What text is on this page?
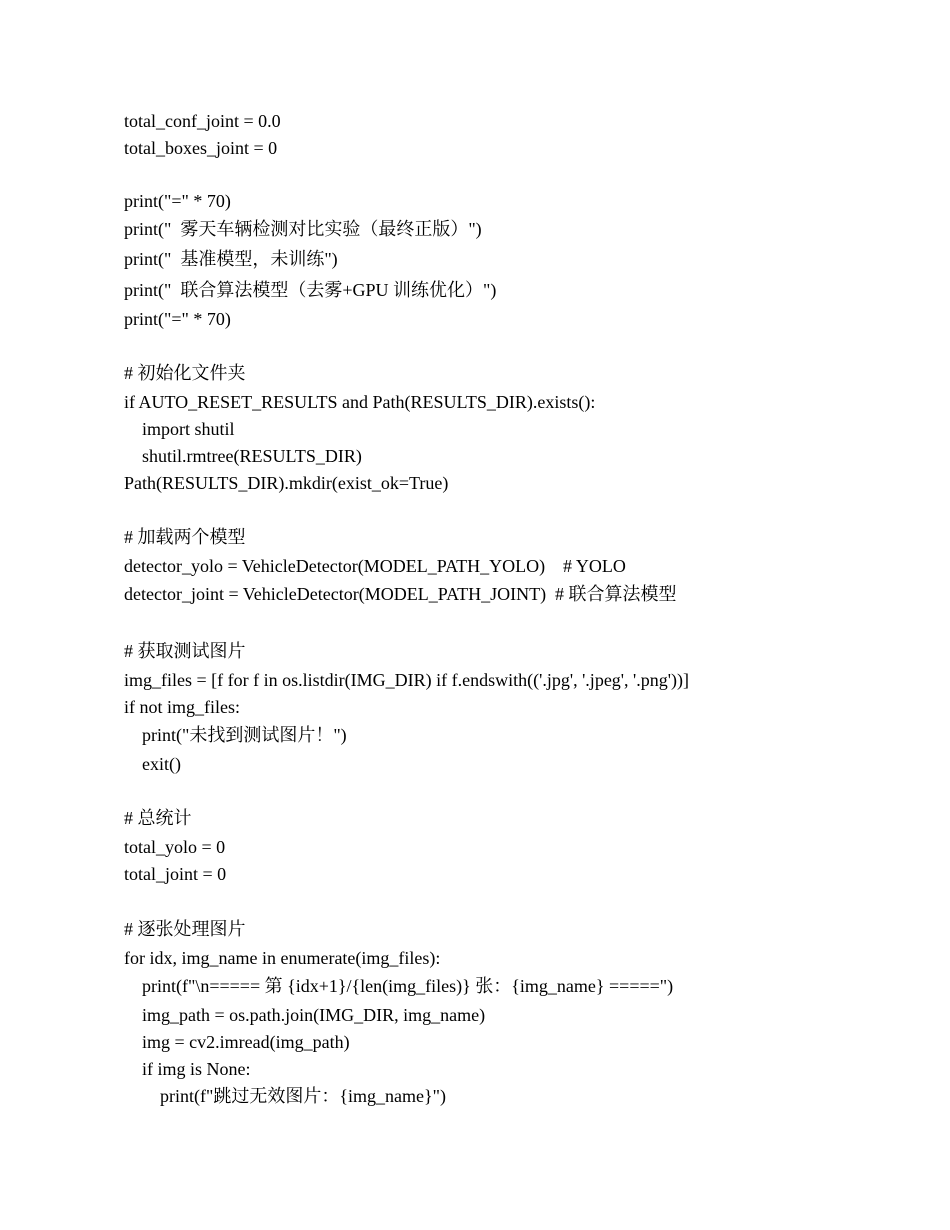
total_conf_joint = 0.0
total_boxes_joint = 0
print("=" * 70)
print("  雾天车辆检测对比实验（最终正版）")
print("  基准模型，未训练")
print("  联合算法模型（去雾+GPU 训练优化）")
print("=" * 70)
# 初始化文件夹
if AUTO_RESET_RESULTS and Path(RESULTS_DIR).exists():
import shutil
shutil.rmtree(RESULTS_DIR)
Path(RESULTS_DIR).mkdir(exist_ok=True)
# 加载两个模型
detector_yolo = VehicleDetector(MODEL_PATH_YOLO)    # YOLO
detector_joint = VehicleDetector(MODEL_PATH_JOINT)  # 联合算法模型
# 获取测试图片
img_files = [f for f in os.listdir(IMG_DIR) if f.endswith(('.jpg', '.jpeg', '.png'))]
if not img_files:
print("未找到测试图片！")
exit()
# 总统计
total_yolo = 0
total_joint = 0
# 逐张处理图片
for idx, img_name in enumerate(img_files):
print(f"\n===== 第 {idx+1}/{len(img_files)} 张：{img_name} =====")
img_path = os.path.join(IMG_DIR, img_name)
img = cv2.imread(img_path)
if img is None:
print(f"跳过无效图片：{img_name}")
